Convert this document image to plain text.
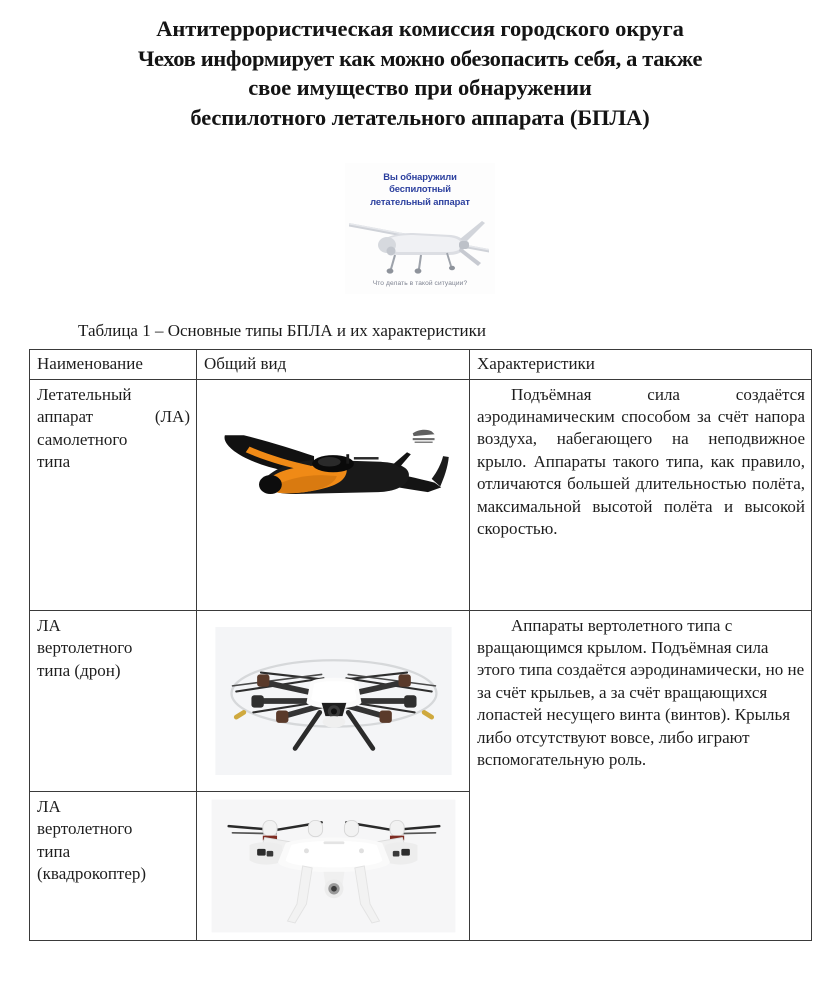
Антитеррористическая комиссия городского округа
Чехов информирует как можно обезопасить себя, а также
свое имущество при обнаружении
беспилотного летательного аппарата (БПЛА)
Вы обнаружили
беспилотный
летательный аппарат
Что делать в такой ситуации?
Таблица 1 – Основные типы БПЛА и их характеристики
Наименование	Общий вид	Характеристики

Летательный
аппарат (ЛА)
самолетного
типа

	Подъёмная сила создаётся аэродинамическим способом за счёт напора воздуха, набегающего на неподвижное крыло. Аппараты такого типа, как правило, отличаются большей длительностью полёта, максимальной высотой полёта и высокой скоростью.

ЛА
вертолетного
типа (дрон)

	Аппараты вертолетного типа с вращающимся крылом. Подъёмная сила этого типа создаётся аэродинамически, но не за счёт крыльев, а за счёт вращающихся лопастей несущего винта (винтов). Крылья либо отсутствуют вовсе, либо играют вспомогательную роль.

ЛА
вертолетного
типа
(квадрокоптер)
